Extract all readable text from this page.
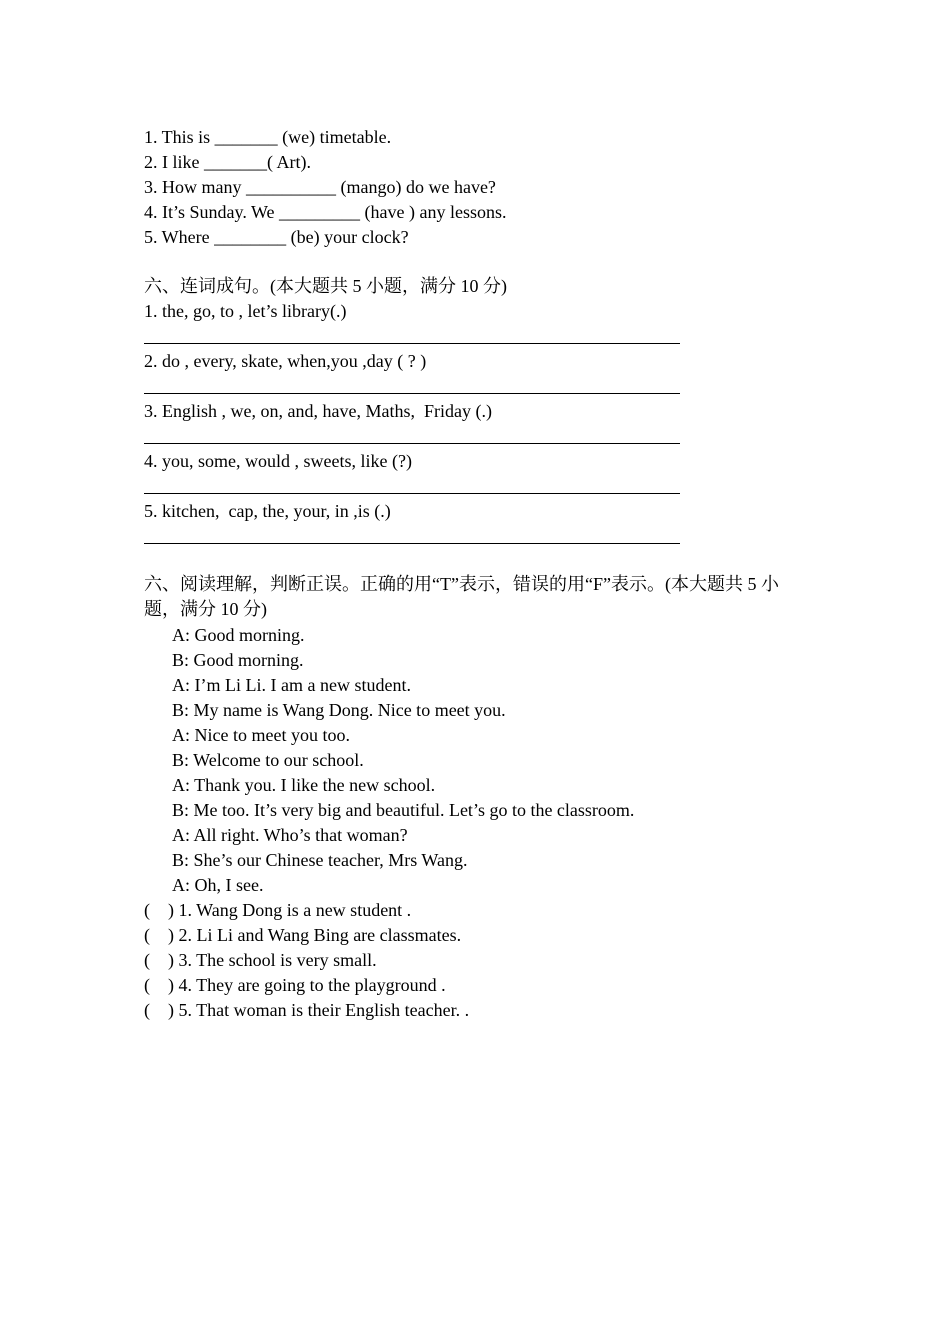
1. This is _______ (we) timetable.
2. I like _______( Art).
3. How many __________ (mango) do we have?
4. It’s Sunday. We _________ (have ) any lessons.
5. Where ________ (be) your clock?
六、连词成句。(本大题共 5 小题，满分 10 分)
1. the, go, to , let’s library(.)
2. do , every, skate, when,you ,day ( ? )
3. English , we, on, and, have, Maths,  Friday (.)
4. you, some, would , sweets, like (?)
5. kitchen,  cap, the, your, in ,is (.)
六、阅读理解，判断正误。正确的用“T”表示，错误的用“F”表示。(本大题共 5 小题，满分 10 分)
A: Good morning.
B: Good morning.
A: I’m Li Li. I am a new student.
B: My name is Wang Dong. Nice to meet you.
A: Nice to meet you too.
B: Welcome to our school.
A: Thank you. I like the new school.
B: Me too. It’s very big and beautiful. Let’s go to the classroom.
A: All right. Who’s that woman?
B: She’s our Chinese teacher, Mrs Wang.
A: Oh, I see.
(    ) 1. Wang Dong is a new student .
(    ) 2. Li Li and Wang Bing are classmates.
(    ) 3. The school is very small.
(    ) 4. They are going to the playground .
(    ) 5. That woman is their English teacher. .
